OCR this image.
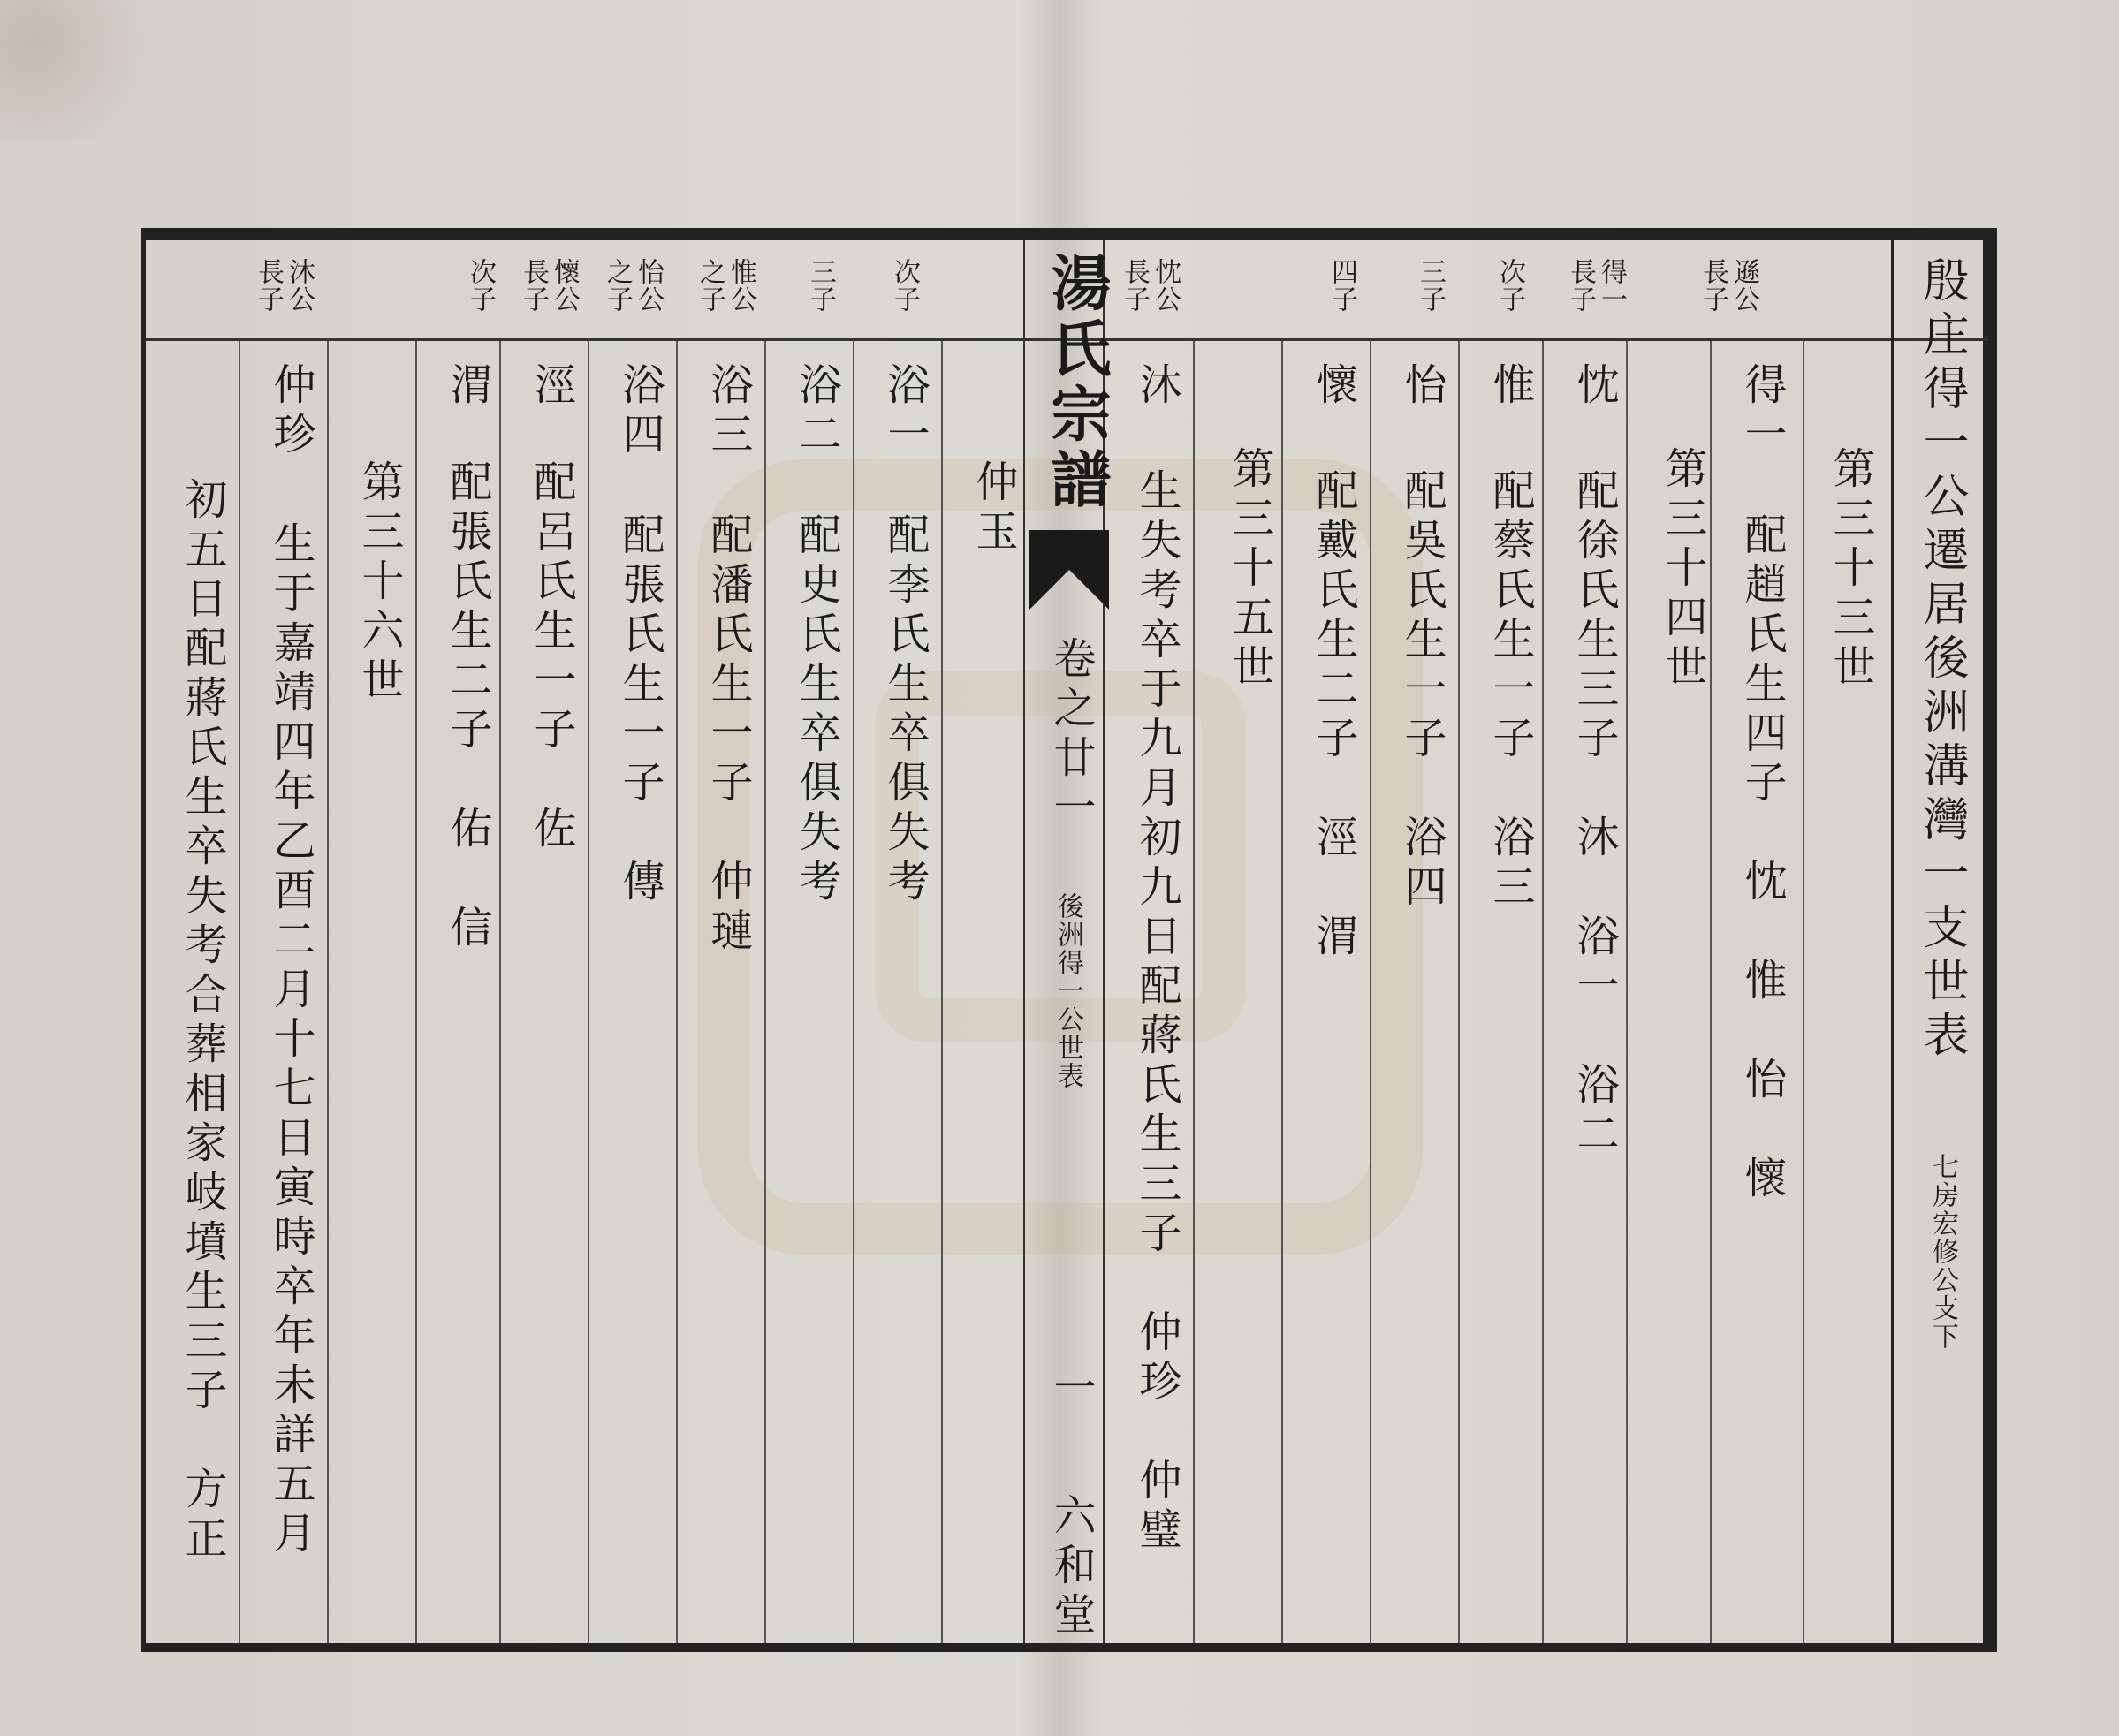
湯氏宗譜
卷之廿一
後洲得一公世表
一
六和堂
殷庄得一公遷居後洲溝灣一支世表
七房宏修公支下
遜公
長子
得一
長子
次子
三子
四子
忱公
長子
第三十三世
第三十四世
第三十五世
得一
配趙氏生四子　忱　惟　怡　懷
忱
配徐氏生三子　沐　浴一　浴二
惟
配蔡氏生一子　浴三
怡
配吳氏生一子　浴四
懷
配戴氏生二子　涇　渭
沐
生失考卒于九月初九日配蔣氏生三子　仲珍　仲璧
次子
三子
惟公
之子
怡公
之子
懷公
長子
次子
沐公
長子
仲玉
浴一
配李氏生卒俱失考
浴二
配史氏生卒俱失考
浴三
配潘氏生一子　仲璉
浴四
配張氏生一子　傳
涇
配呂氏生一子　佐
渭
配張氏生二子　佑　信
第三十六世
仲珍
生于嘉靖四年乙酉二月十七日寅時卒年未詳五月
初五日配蔣氏生卒失考合葬相家岐墳生三子　方正
